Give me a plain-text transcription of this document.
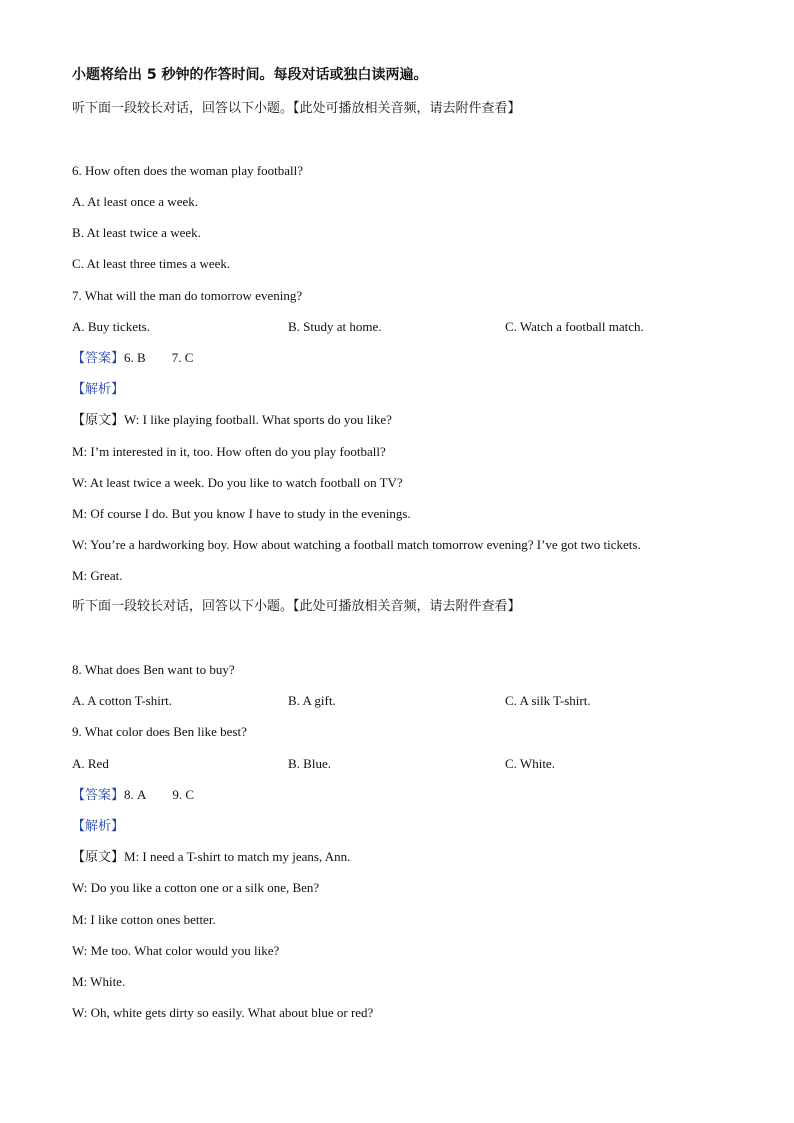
小题将给出 5 秒钟的作答时间。每段对话或独白读两遍。
听下面一段较长对话，回答以下小题。【此处可播放相关音频，请去附件查看】
6. How often does the woman play football?
A. At least once a week.
B. At least twice a week.
C. At least three times a week.
7. What will the man do tomorrow evening?
A. Buy tickets.	B. Study at home.	C. Watch a football match.
【答案】6. B 7. C
【解析】
【原文】W: I like playing football. What sports do you like?
M: I’m interested in it, too. How often do you play football?
W: At least twice a week. Do you like to watch football on TV?
M: Of course I do. But you know I have to study in the evenings.
W: You’re a hardworking boy. How about watching a football match tomorrow evening? I’ve got two tickets.
M: Great.
听下面一段较长对话，回答以下小题。【此处可播放相关音频，请去附件查看】
8. What does Ben want to buy?
A. A cotton T-shirt.	B. A gift.	C. A silk T-shirt.
9. What color does Ben like best?
A. Red	B. Blue.	C. White.
【答案】8. A 9. C
【解析】
【原文】M: I need a T-shirt to match my jeans, Ann.
W: Do you like a cotton one or a silk one, Ben?
M: I like cotton ones better.
W: Me too. What color would you like?
M: White.
W: Oh, white gets dirty so easily. What about blue or red?
